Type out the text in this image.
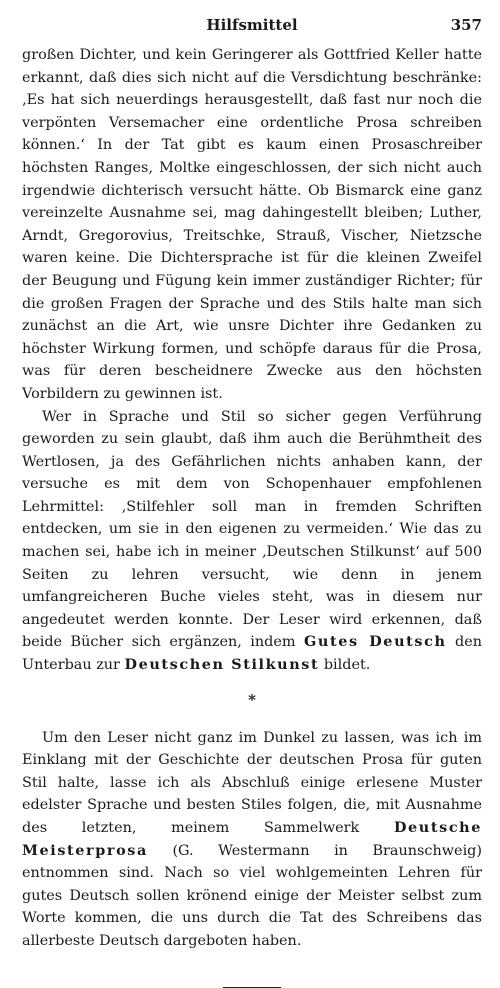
Hilfsmittel	357

großen Dichter, und kein Geringerer als Gottfried Keller hatte erkannt, daß dies sich nicht auf die Versdichtung beschränke: ‚Es hat sich neuerdings herausgestellt, daß fast nur noch die verpönten Versemacher eine ordentliche Prosa schreiben können.‘ In der Tat gibt es kaum einen Prosaschreiber höchsten Ranges, Moltke eingeschlossen, der sich nicht auch irgendwie dichterisch versucht hätte. Ob Bismarck eine ganz vereinzelte Ausnahme sei, mag dahingestellt bleiben; Luther, Arndt, Gregorovius, Treitschke, Strauß, Vischer, Nietzsche waren keine. Die Dichtersprache ist für die kleinen Zweifel der Beugung und Fügung kein immer zuständiger Richter; für die großen Fragen der Sprache und des Stils halte man sich zunächst an die Art, wie unsre Dichter ihre Gedanken zu höchster Wirkung formen, und schöpfe daraus für die Prosa, was für deren bescheidnere Zwecke aus den höchsten Vorbildern zu gewinnen ist.

Wer in Sprache und Stil so sicher gegen Verführung geworden zu sein glaubt, daß ihm auch die Berühmtheit des Wertlosen, ja des Gefährlichen nichts anhaben kann, der versuche es mit dem von Schopenhauer empfohlenen Lehrmittel: ‚Stilfehler soll man in fremden Schriften entdecken, um sie in den eigenen zu vermeiden.‘ Wie das zu machen sei, habe ich in meiner ‚Deutschen Stilkunst‘ auf 500 Seiten zu lehren versucht, wie denn in jenem umfangreicheren Buche vieles steht, was in diesem nur angedeutet werden konnte. Der Leser wird erkennen, daß beide Bücher sich ergänzen, indem Gutes Deutsch den Unterbau zur Deutschen Stilkunst bildet.

*

Um den Leser nicht ganz im Dunkel zu lassen, was ich im Einklang mit der Geschichte der deutschen Prosa für guten Stil halte, lasse ich als Abschluß einige erlesene Muster edelster Sprache und besten Stiles folgen, die, mit Ausnahme des letzten, meinem Sammelwerk Deutsche Meisterprosa (G. Westermann in Braunschweig) entnommen sind. Nach so viel wohlgemeinten Lehren für gutes Deutsch sollen krönend einige der Meister selbst zum Worte kommen, die uns durch die Tat des Schreibens das allerbeste Deutsch dargeboten haben.
